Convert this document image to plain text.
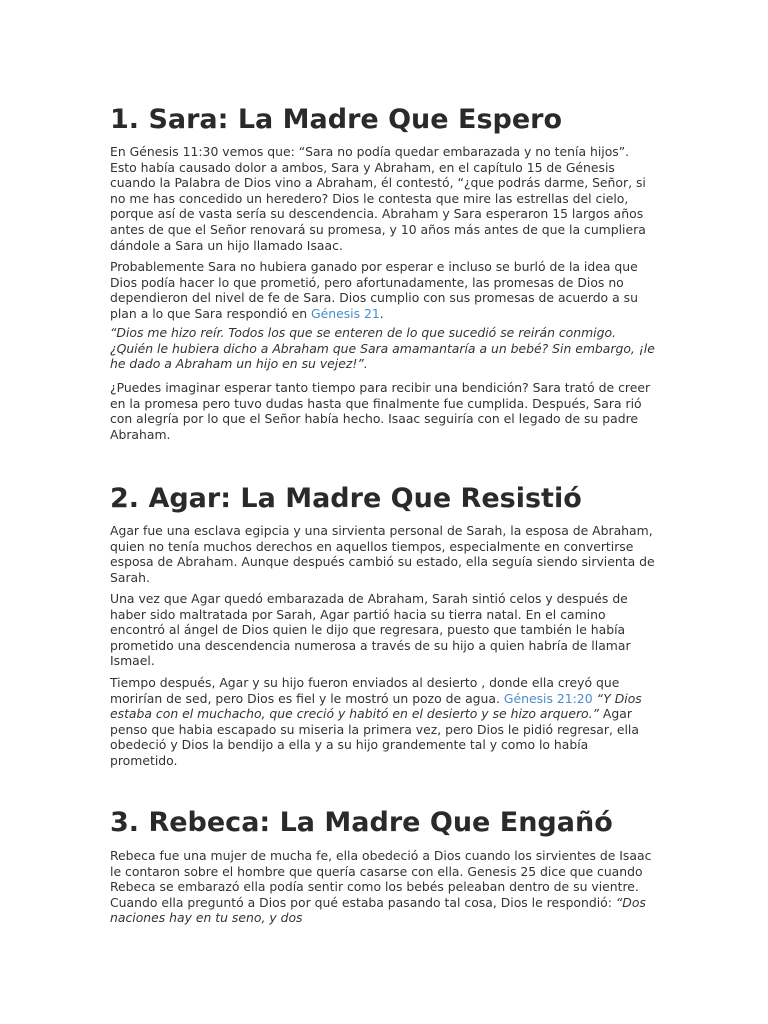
1. Sara: La Madre Que Espero

En Génesis 11:30 vemos que: “Sara no podía quedar embarazada y no tenía hijos”. Esto había causado dolor a ambos, Sara y Abraham, en el capítulo 15 de Génesis cuando la Palabra de Dios vino a Abraham, él contestó, “¿que podrás darme, Señor, si no me has concedido un heredero? Dios le contesta que mire las estrellas del cielo, porque así de vasta sería su descendencia. Abraham y Sara esperaron 15 largos años antes de que el Señor renovará su promesa, y 10 años más antes de que la cumpliera dándole a Sara un hijo llamado Isaac.

Probablemente Sara no hubiera ganado por esperar e incluso se burló de la idea que Dios podía hacer lo que prometió, pero afortunadamente, las promesas de Dios no dependieron del nivel de fe de Sara. Dios cumplio con sus promesas de acuerdo a su plan a lo que Sara respondió en Génesis 21.

“Dios me hizo reír. Todos los que se enteren de lo que sucedió se reirán conmigo. ¿Quién le hubiera dicho a Abraham que Sara amamantaría a un bebé? Sin embargo, ¡le he dado a Abraham un hijo en su vejez!”.

¿Puedes imaginar esperar tanto tiempo para recibir una bendición? Sara trató de creer en la promesa pero tuvo dudas hasta que finalmente fue cumplida. Después, Sara rió con alegría por lo que el Señor había hecho. Isaac seguiría con el legado de su padre Abraham.

2. Agar: La Madre Que Resistió

Agar fue una esclava egipcia y una sirvienta personal de Sarah, la esposa de Abraham, quien no tenía muchos derechos en aquellos tiempos, especialmente en convertirse esposa de Abraham. Aunque después cambió su estado, ella seguía siendo sirvienta de Sarah.

Una vez que Agar quedó embarazada de Abraham, Sarah sintió celos y después de haber sido maltratada por Sarah, Agar partió hacia su tierra natal. En el camino encontró al ángel de Dios quien le dijo que regresara, puesto que también le había prometido una descendencia numerosa a través de su hijo a quien habría de llamar Ismael.

Tiempo después, Agar y su hijo fueron enviados al desierto , donde ella creyó que morirían de sed, pero Dios es fiel y le mostró un pozo de agua. Génesis 21:20 “Y Dios estaba con el muchacho, que creció y habitó en el desierto y se hizo arquero.” Agar penso que habia escapado su miseria la primera vez, pero Dios le pidió regresar, ella obedeció y Dios la bendijo a ella y a su hijo grandemente tal y como lo había prometido.

3. Rebeca: La Madre Que Engañó

Rebeca fue una mujer de mucha fe, ella obedeció a Dios cuando los sirvientes de Isaac le contaron sobre el hombre que quería casarse con ella. Genesis 25 dice que cuando Rebeca se embarazó ella podía sentir como los bebés peleaban dentro de su vientre. Cuando ella preguntó a Dios por qué estaba pasando tal cosa, Dios le respondió: “Dos naciones hay en tu seno, y dos
